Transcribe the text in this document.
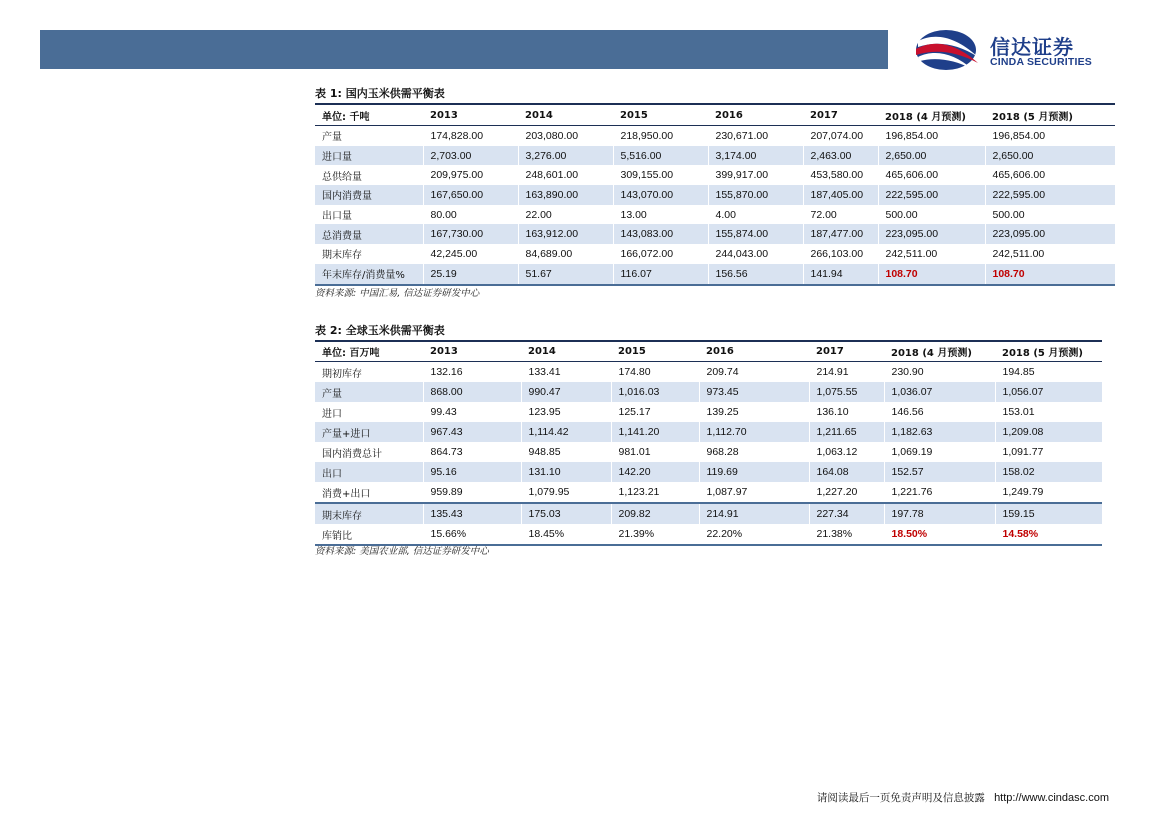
信达证券
CINDA SECURITIES
表 1: 国内玉米供需平衡表
单位: 千吨	2013	2014	2015	2016	2017	2018 (4 月预测)	2018 (5 月预测)
产量	174,828.00	203,080.00	218,950.00	230,671.00	207,074.00	196,854.00	196,854.00
进口量	2,703.00	3,276.00	5,516.00	3,174.00	2,463.00	2,650.00	2,650.00
总供给量	209,975.00	248,601.00	309,155.00	399,917.00	453,580.00	465,606.00	465,606.00
国内消费量	167,650.00	163,890.00	143,070.00	155,870.00	187,405.00	222,595.00	222,595.00
出口量	80.00	22.00	13.00	4.00	72.00	500.00	500.00
总消费量	167,730.00	163,912.00	143,083.00	155,874.00	187,477.00	223,095.00	223,095.00
期末库存	42,245.00	84,689.00	166,072.00	244,043.00	266,103.00	242,511.00	242,511.00
年末库存/消费量%	25.19	51.67	116.07	156.56	141.94	108.70	108.70
资料来源: 中国汇易, 信达证券研发中心
表 2: 全球玉米供需平衡表
单位: 百万吨	2013	2014	2015	2016	2017	2018 (4 月预测)	2018 (5 月预测)
期初库存	132.16	133.41	174.80	209.74	214.91	230.90	194.85
产量	868.00	990.47	1,016.03	973.45	1,075.55	1,036.07	1,056.07
进口	99.43	123.95	125.17	139.25	136.10	146.56	153.01
产量+进口	967.43	1,114.42	1,141.20	1,112.70	1,211.65	1,182.63	1,209.08
国内消费总计	864.73	948.85	981.01	968.28	1,063.12	1,069.19	1,091.77
出口	95.16	131.10	142.20	119.69	164.08	152.57	158.02
消费+出口	959.89	1,079.95	1,123.21	1,087.97	1,227.20	1,221.76	1,249.79
期末库存	135.43	175.03	209.82	214.91	227.34	197.78	159.15
库销比	15.66%	18.45%	21.39%	22.20%	21.38%	18.50%	14.58%
资料来源: 美国农业部, 信达证券研发中心
请阅读最后一页免责声明及信息披露 http://www.cindasc.com
